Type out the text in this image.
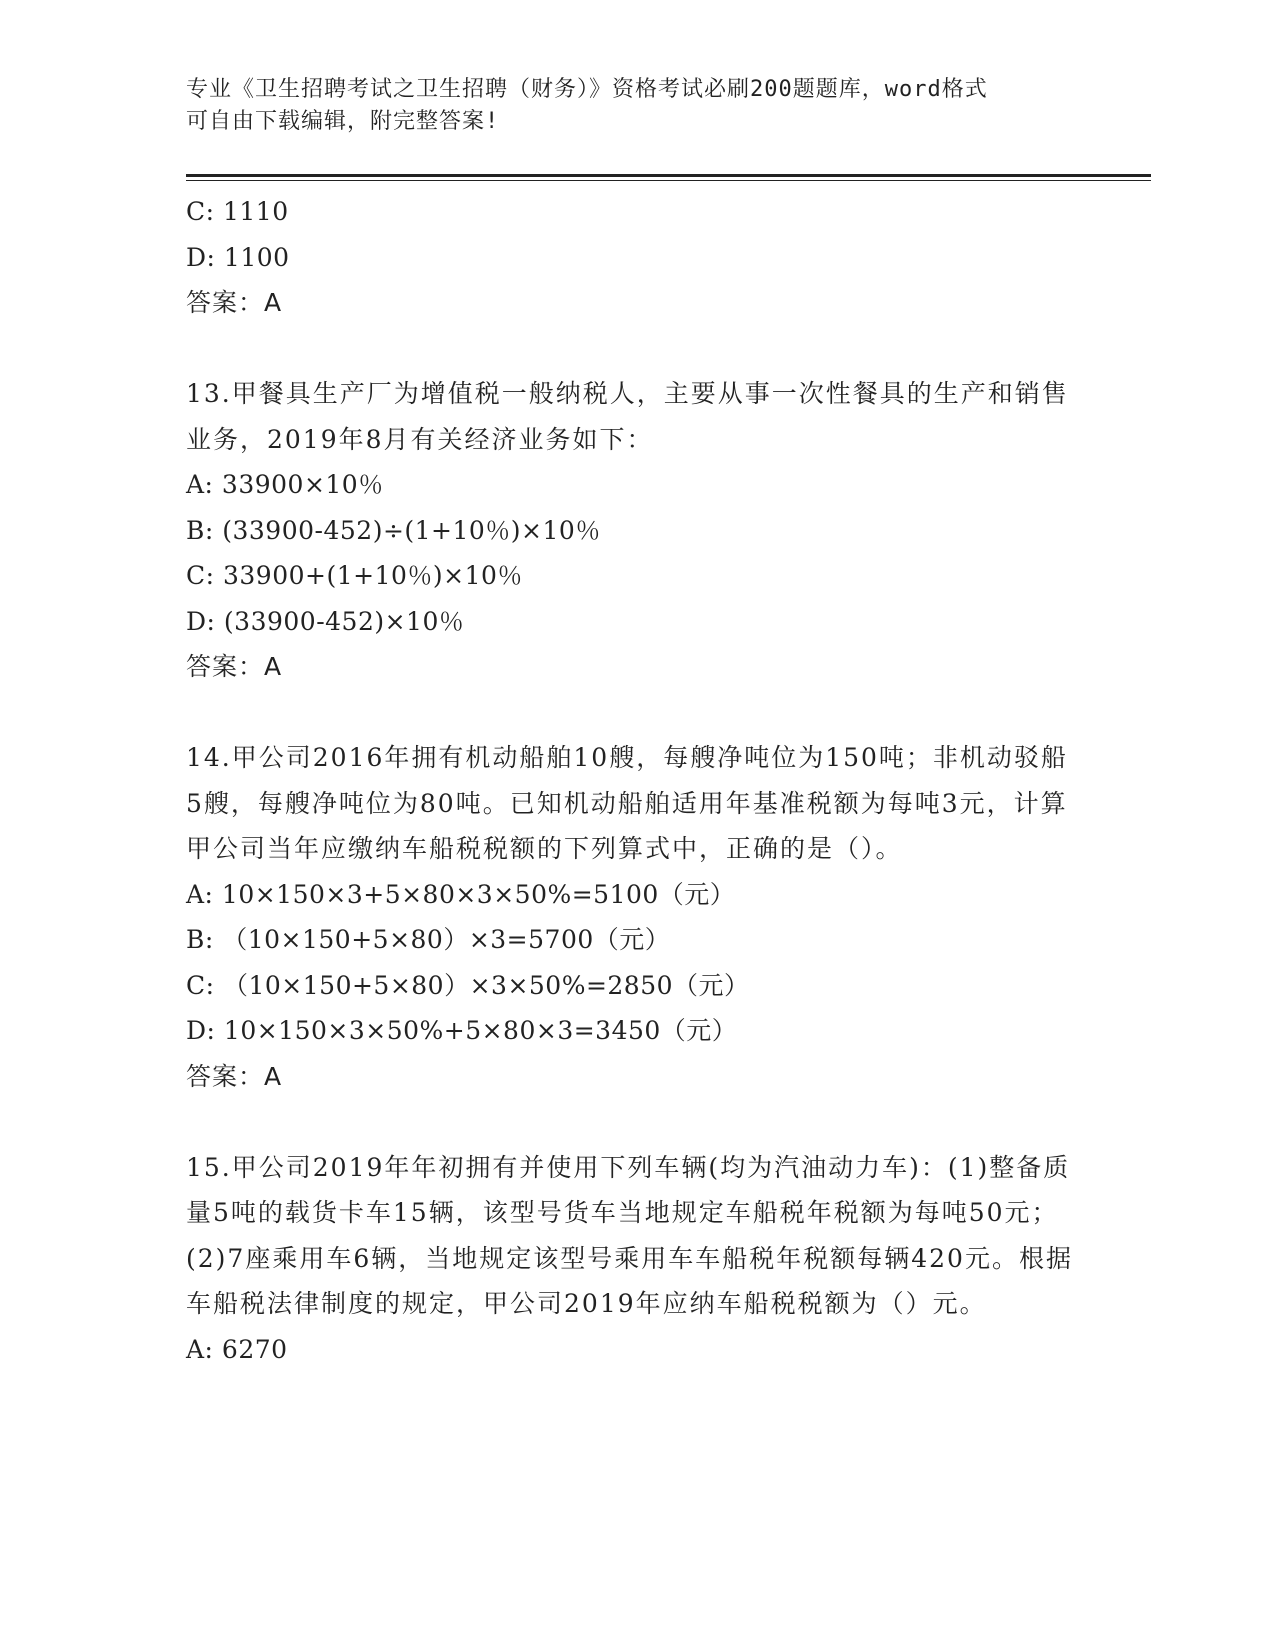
专业《卫生招聘考试之卫生招聘（财务）》资格考试必刷200题题库，word格式
可自由下载编辑，附完整答案!
C: 1110
D: 1100
答案：A
13.甲餐具生产厂为增值税一般纳税人，主要从事一次性餐具的生产和销售业务，2019年8月有关经济业务如下：
A: 33900×10％
B: (33900-452)÷(1+10％)×10％
C: 33900+(1+10％)×10％
D: (33900-452)×10％
答案：A
14.甲公司2016年拥有机动船舶10艘，每艘净吨位为150吨；非机动驳船5艘，每艘净吨位为80吨。已知机动船舶适用年基准税额为每吨3元，计算甲公司当年应缴纳车船税税额的下列算式中，正确的是（）。
A: 10×150×3+5×80×3×50%=5100（元）
B: （10×150+5×80）×3=5700（元）
C: （10×150+5×80）×3×50%=2850（元）
D: 10×150×3×50%+5×80×3=3450（元）
答案：A
15.甲公司2019年年初拥有并使用下列车辆(均为汽油动力车)：(1)整备质量5吨的载货卡车15辆，该型号货车当地规定车船税年税额为每吨50元；(2)7座乘用车6辆，当地规定该型号乘用车车船税年税额每辆420元。根据车船税法律制度的规定，甲公司2019年应纳车船税税额为（）元。
A: 6270
